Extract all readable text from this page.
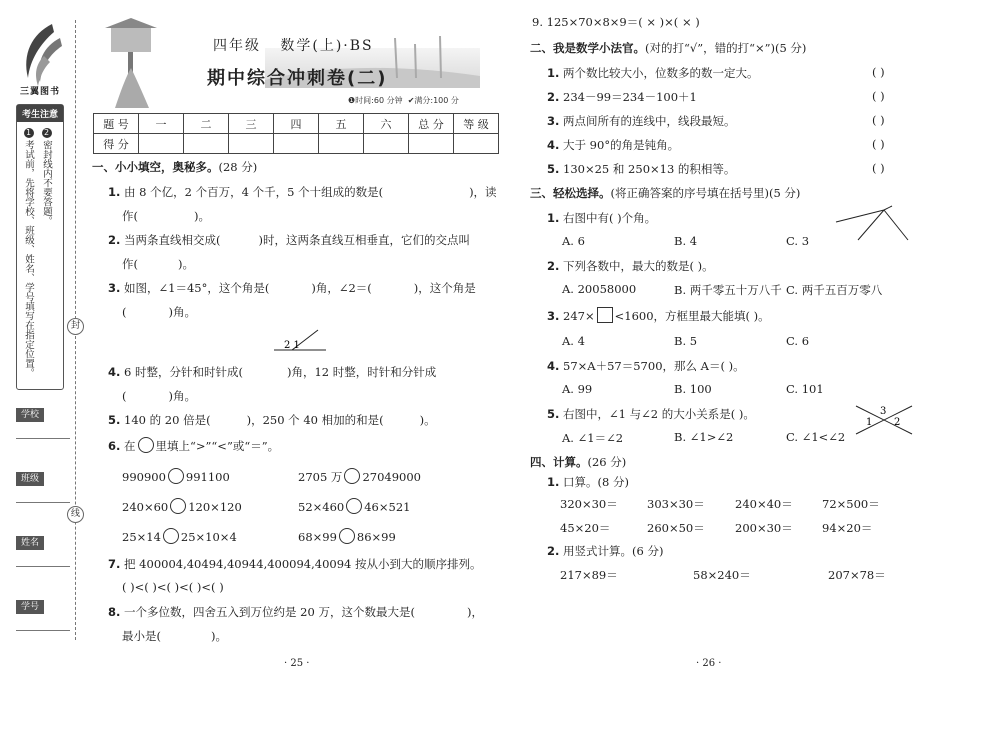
三翼图书
考生注意
1
考试前，先将学校、班级、姓名、学号填写在指定位置。
2
密封线内不要答题。
学校
班级
姓名
学号
封
线
四年级 数学(上)·BS
期中综合冲刺卷(二)
❶时间:60 分钟 ✔满分:100 分
题 号	一	二	三	四	五	六	总 分	等 级
得 分								
一、小小填空，奥秘多。(28 分)
1. 由 8 个亿，2 个百万，4 个千，5 个十组成的数是(	)，读
作(	)。
2. 当两条直线相交成(	)时，这两条直线互相垂直，它们的交点叫
作(	)。
3. 如图，∠1＝45°，这个角是(	)角，∠2＝(	)，这个角是
(	)角。
2 1
4. 6 时整，分针和时针成(	)角，12 时整，时针和分针成
(	)角。
5. 140 的 20 倍是(	)，250 个 40 相加的和是(	)。
6. 在 里填上“>”“<”或“＝”。
990900 991100	2705 万 27049000
240×60 120×120	52×460 46×521
25×14 25×10×4	68×99 86×99
7. 把 400004,40494,40944,400094,40094 按从小到大的顺序排列。
( )<( )<( )<( )<( )
8. 一个多位数，四舍五入到万位约是 20 万，这个数最大是(	)，
最小是(	)。
· 25 ·
9. 125×70×8×9＝( × )×( × )
二、我是数学小法官。(对的打“√”，错的打“×”)(5 分)
1. 两个数比较大小，位数多的数一定大。	( )
2. 234－99＝234－100＋1	( )
3. 两点间所有的连线中，线段最短。	( )
4. 大于 90°的角是钝角。	( )
5. 130×25 和 250×13 的积相等。	( )
三、轻松选择。(将正确答案的序号填在括号里)(5 分)
1. 右图中有( )个角。
A. 6	B. 4	C. 3
2. 下列各数中，最大的数是( )。
A. 20058000	B. 两千零五十万八千 C. 两千五百万零八
3. 247× <1600，方框里最大能填( )。
A. 4	B. 5	C. 6
4. 57×A＋57＝5700，那么 A＝( )。
A. 99	B. 100	C. 101
5. 右图中，∠1 与∠2 的大小关系是( )。	3
1 2
A. ∠1＝∠2	B. ∠1>∠2	C. ∠1<∠2
四、计算。(26 分)
1. 口算。(8 分)
320×30＝	303×30＝	240×40＝	72×500＝
45×20＝	260×50＝	200×30＝	94×20＝
2. 用竖式计算。(6 分)
217×89＝	58×240＝	207×78＝
· 26 ·
